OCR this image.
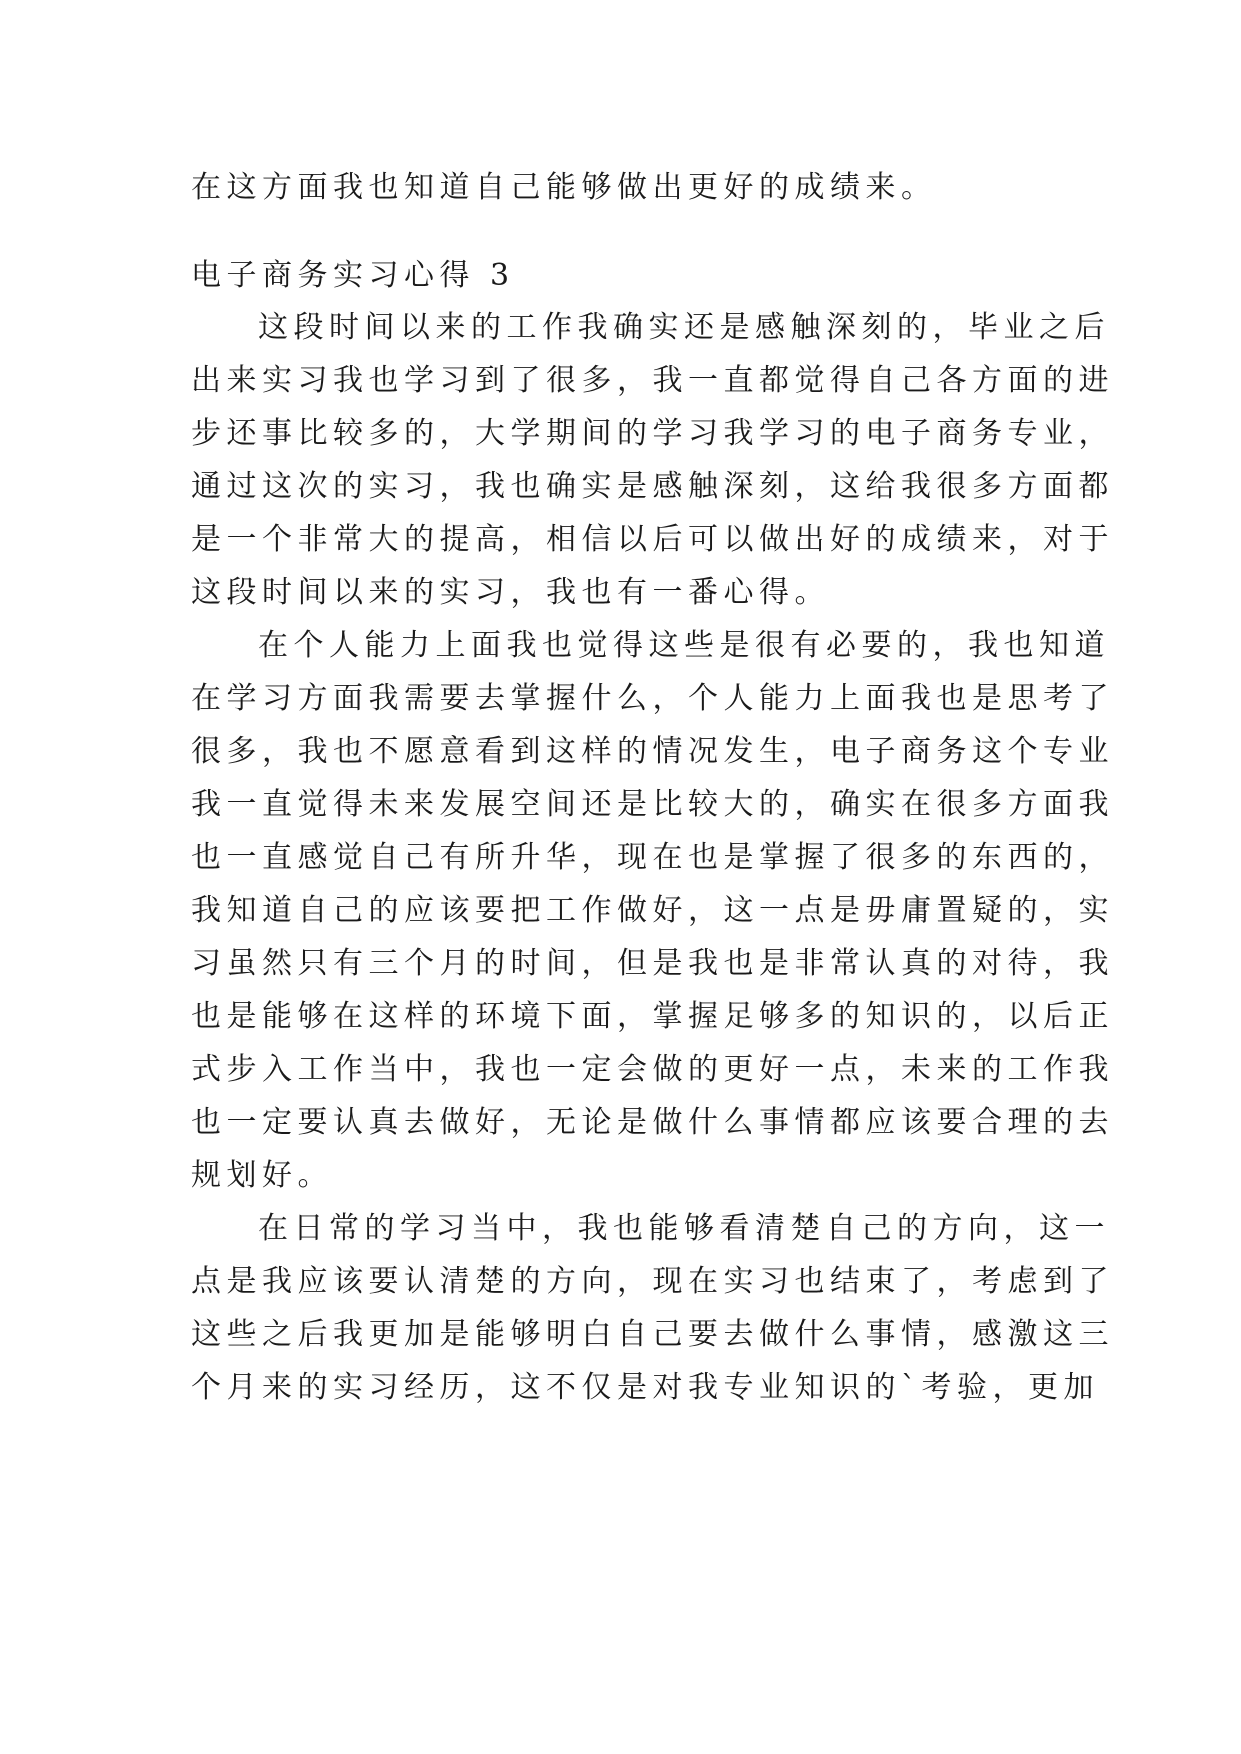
在这方面我也知道自己能够做出更好的成绩来。
电子商务实习心得 3
这段时间以来的工作我确实还是感触深刻的，毕业之后
出来实习我也学习到了很多，我一直都觉得自己各方面的进
步还事比较多的，大学期间的学习我学习的电子商务专业，
通过这次的实习，我也确实是感触深刻，这给我很多方面都
是一个非常大的提高，相信以后可以做出好的成绩来，对于
这段时间以来的实习，我也有一番心得。
在个人能力上面我也觉得这些是很有必要的，我也知道
在学习方面我需要去掌握什么，个人能力上面我也是思考了
很多，我也不愿意看到这样的情况发生，电子商务这个专业
我一直觉得未来发展空间还是比较大的，确实在很多方面我
也一直感觉自己有所升华，现在也是掌握了很多的东西的，
我知道自己的应该要把工作做好，这一点是毋庸置疑的，实
习虽然只有三个月的时间，但是我也是非常认真的对待，我
也是能够在这样的环境下面，掌握足够多的知识的，以后正
式步入工作当中，我也一定会做的更好一点，未来的工作我
也一定要认真去做好，无论是做什么事情都应该要合理的去
规划好。
在日常的学习当中，我也能够看清楚自己的方向，这一
点是我应该要认清楚的方向，现在实习也结束了，考虑到了
这些之后我更加是能够明白自己要去做什么事情，感激这三
个月来的实习经历，这不仅是对我专业知识的`考验，更加
